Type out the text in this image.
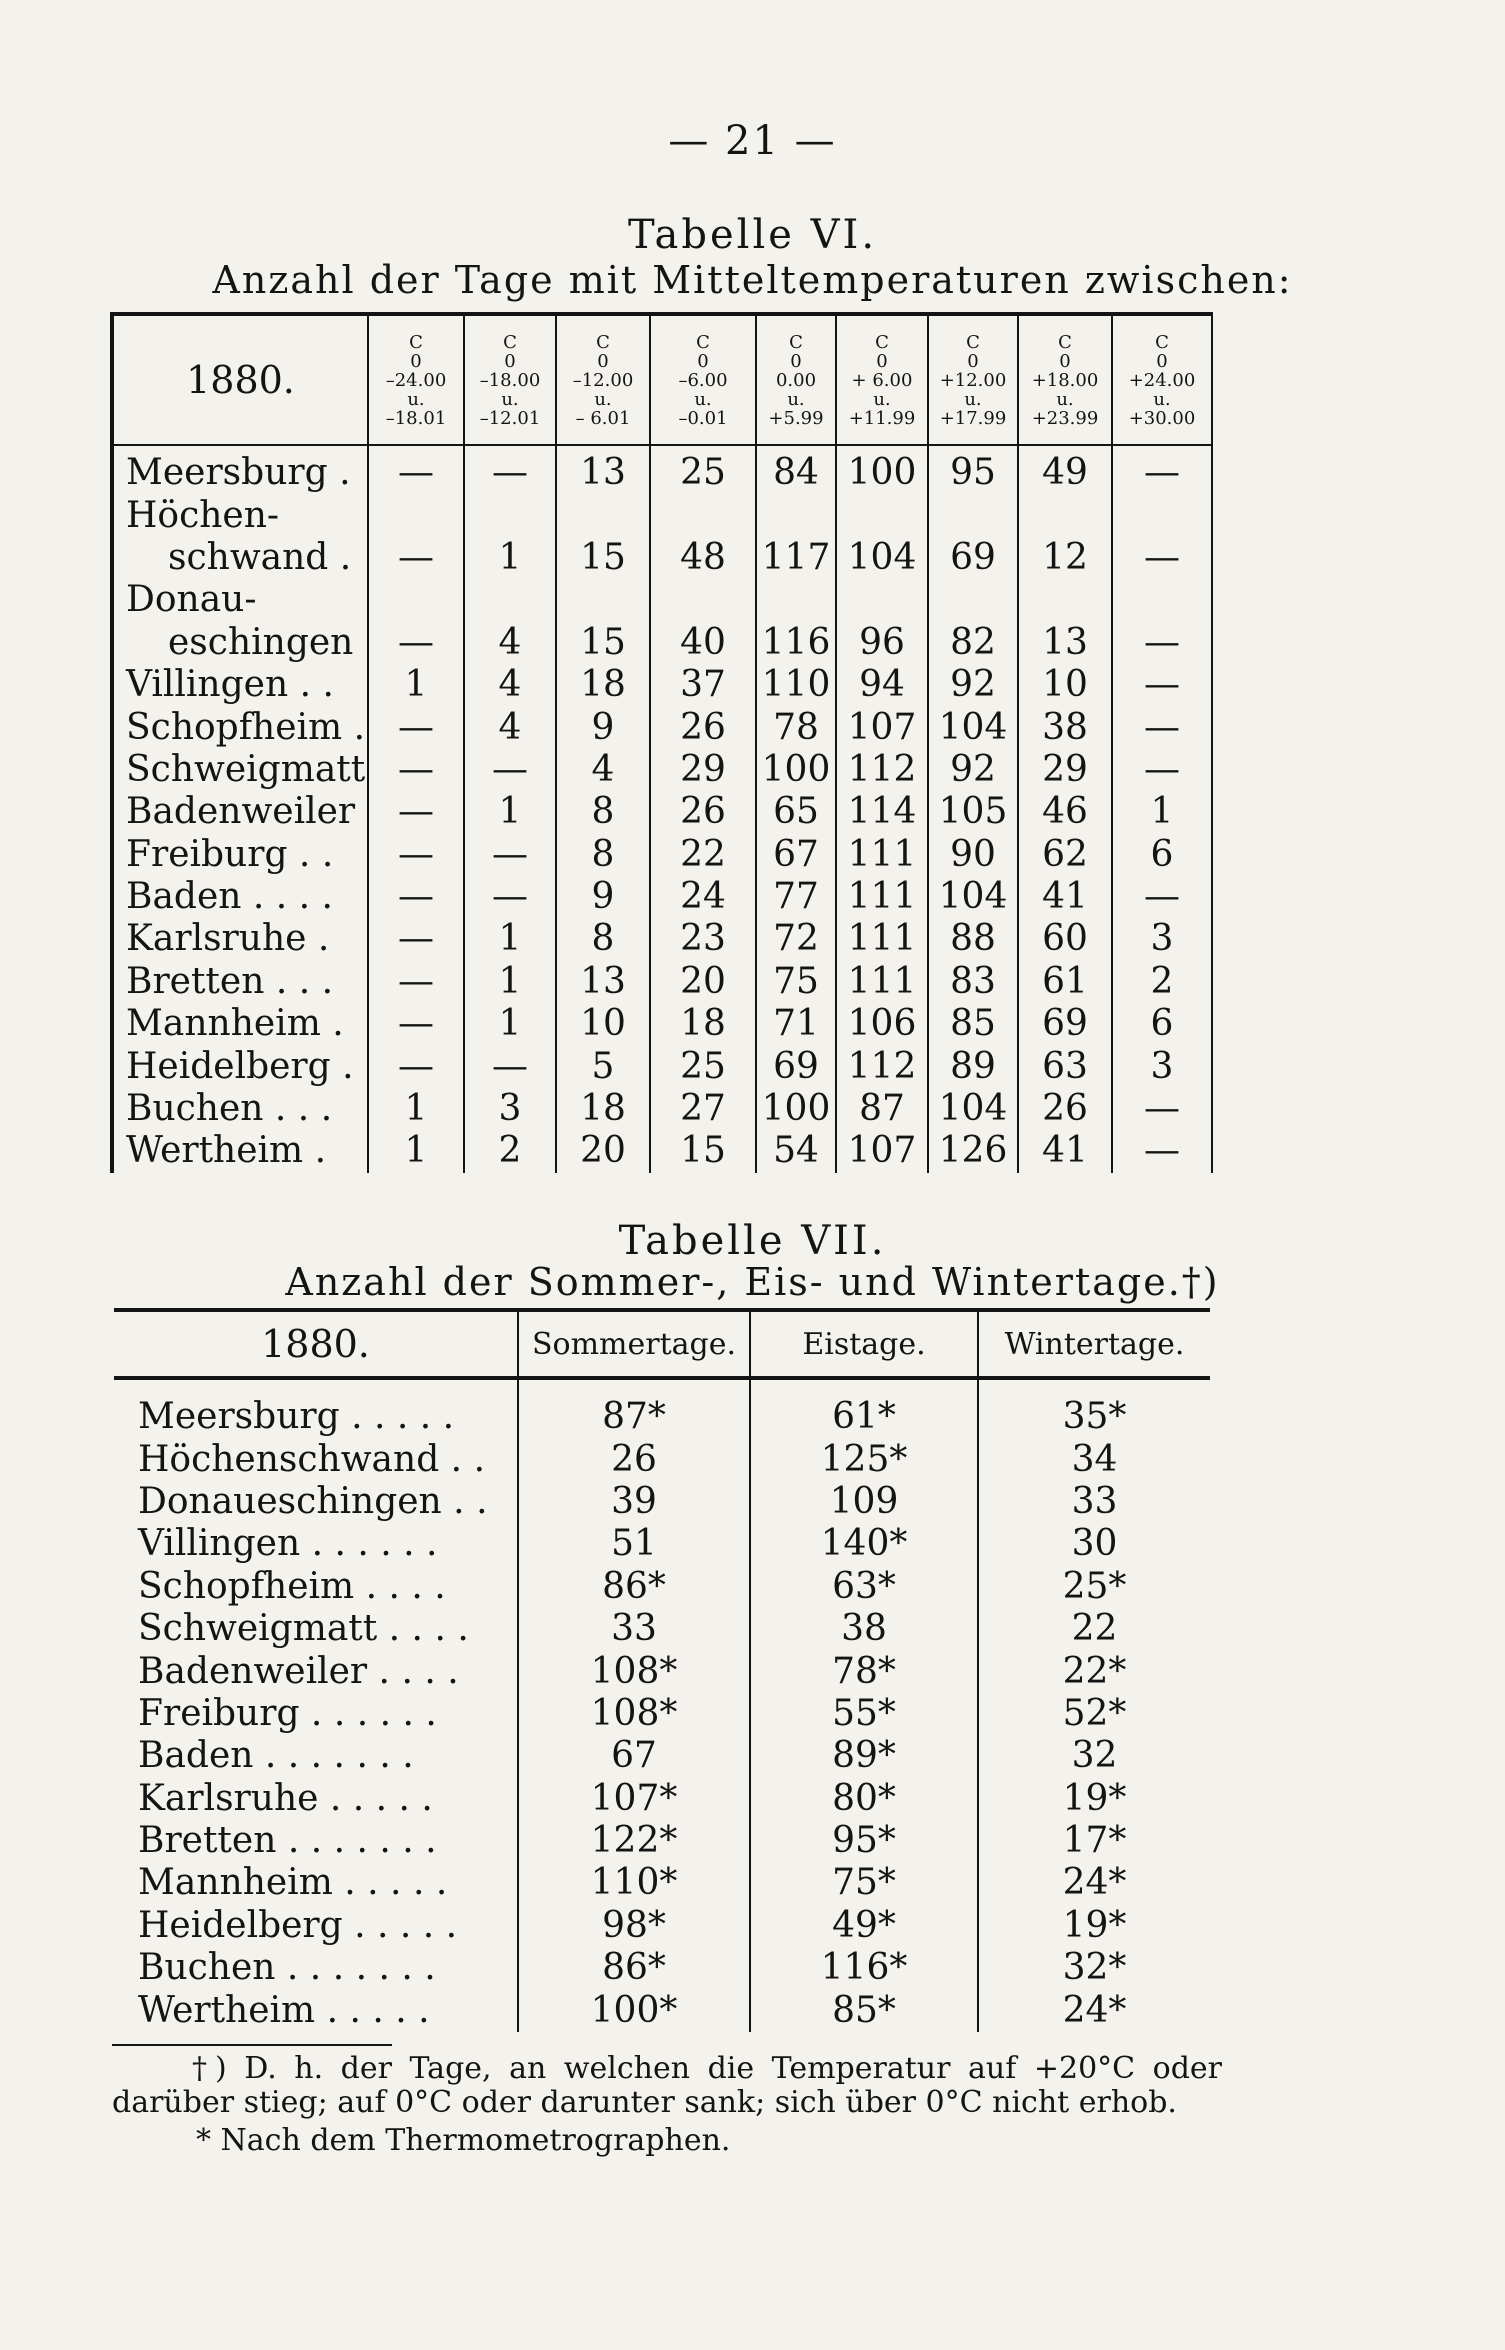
— 21 —
Tabelle VI.
Anzahl der Tage mit Mitteltemperaturen zwischen:
1880.	C
0
–24.00
u.
–18.01	C
0
–18.00
u.
–12.01	C
0
–12.00
u.
– 6.01	C
0
–6.00
u.
–0.01	C
0
0.00
u.
+5.99	C
0
+ 6.00
u.
+11.99	C
0
+12.00
u.
+17.99	C
0
+18.00
u.
+23.99	C
0
+24.00
u.
+30.00

Meersburg .	—	—	13	25	84	100	95	49	—
Höchen-									
schwand .	—	1	15	48	117	104	69	12	—
Donau-									
eschingen	—	4	15	40	116	96	82	13	—
Villingen . .	1	4	18	37	110	94	92	10	—
Schopfheim .	—	4	9	26	78	107	104	38	—
Schweigmatt	—	—	4	29	100	112	92	29	—
Badenweiler	—	1	8	26	65	114	105	46	1
Freiburg . .	—	—	8	22	67	111	90	62	6
Baden . . . .	—	—	9	24	77	111	104	41	—
Karlsruhe .	—	1	8	23	72	111	88	60	3
Bretten . . .	—	1	13	20	75	111	83	61	2
Mannheim .	—	1	10	18	71	106	85	69	6
Heidelberg .	—	—	5	25	69	112	89	63	3
Buchen . . .	1	3	18	27	100	87	104	26	—
Wertheim .	1	2	20	15	54	107	126	41	—
Tabelle VII.
Anzahl der Sommer-, Eis- und Wintertage.†)
1880.	Sommertage.	Eistage.	Wintertage.

Meersburg . . . . .	87*	61*	35*
Höchenschwand . .	26	125*	34
Donaueschingen . .	39	109	33
Villingen . . . . . .	51	140*	30
Schopfheim . . . .	86*	63*	25*
Schweigmatt . . . .	33	38	22
Badenweiler . . . .	108*	78*	22*
Freiburg . . . . . .	108*	55*	52*
Baden . . . . . . .	67	89*	32
Karlsruhe . . . . .	107*	80*	19*
Bretten . . . . . . .	122*	95*	17*
Mannheim . . . . .	110*	75*	24*
Heidelberg . . . . .	98*	49*	19*
Buchen . . . . . . .	86*	116*	32*
Wertheim . . . . .	100*	85*	24*
†) D. h. der Tage, an welchen die Temperatur auf +20°C oder darüber stieg; auf 0°C oder darunter sank; sich über 0°C nicht erhob.
* Nach dem Thermometrographen.
